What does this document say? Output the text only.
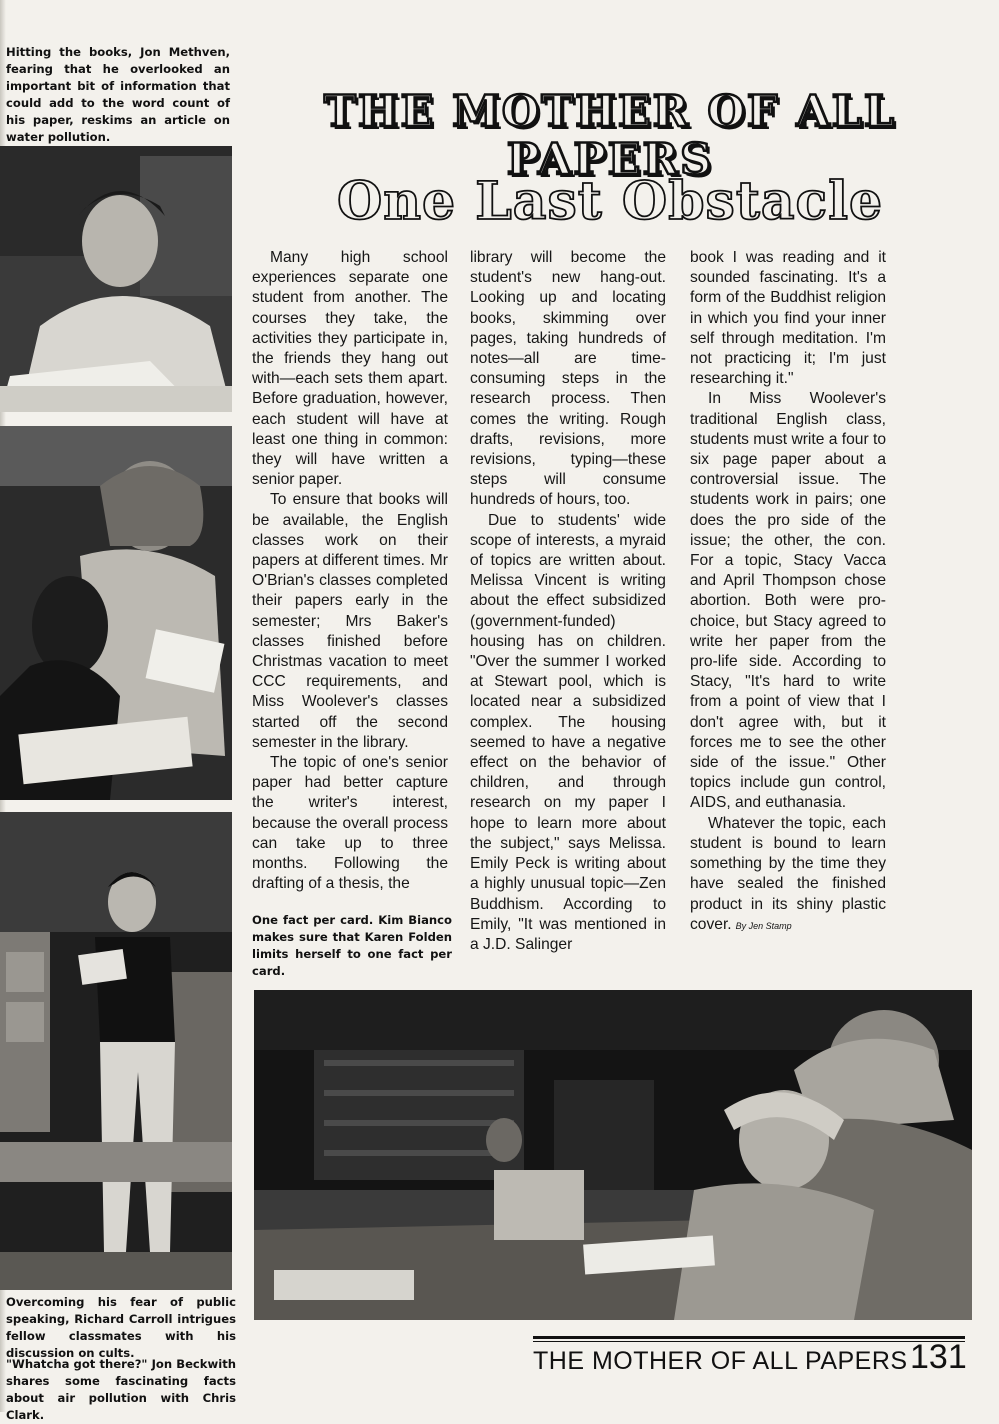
Hitting the books, Jon Methven, fearing that he overlooked an important bit of information that could add to the word count of his paper, reskims an article on water pollution.

Overcoming his fear of public speaking, Richard Carroll intrigues fellow classmates with his discussion on cults.

"Whatcha got there?" Jon Beckwith shares some fascinating facts about air pollution with Chris Clark.

THE MOTHER OF ALL PAPERS
One Last Obstacle

Many high school experiences separate one student from another. The courses they take, the activities they participate in, the friends they hang out with—each sets them apart. Before graduation, however, each student will have at least one thing in common: they will have written a senior paper.

To ensure that books will be available, the English classes work on their papers at different times. Mr O'Brian's classes completed their papers early in the semester; Mrs Baker's classes finished before Christmas vacation to meet CCC requirements, and Miss Woolever's classes started off the second semester in the library.

The topic of one's senior paper had better capture the writer's interest, because the overall process can take up to three months. Following the drafting of a thesis, the

One fact per card. Kim Bianco makes sure that Karen Folden limits herself to one fact per card.

library will become the student's new hang-out. Looking up and locating books, skimming over pages, taking hundreds of notes—all are time-consuming steps in the research process. Then comes the writing. Rough drafts, revisions, more revisions, typing—these steps will consume hundreds of hours, too.

Due to students' wide scope of interests, a myraid of topics are written about. Melissa Vincent is writing about the effect subsidized (government-funded) housing has on children. "Over the summer I worked at Stewart pool, which is located near a subsidized complex. The housing seemed to have a negative effect on the behavior of children, and through research on my paper I hope to learn more about the subject," says Melissa. Emily Peck is writing about a highly unusual topic—Zen Buddhism. According to Emily, "It was mentioned in a J.D. Salinger

book I was reading and it sounded fascinating. It's a form of the Buddhist religion in which you find your inner self through meditation. I'm not practicing it; I'm just researching it."

In Miss Woolever's traditional English class, students must write a four to six page paper about a controversial issue. The students work in pairs; one does the pro side of the issue; the other, the con. For a topic, Stacy Vacca and April Thompson chose abortion. Both were pro-choice, but Stacy agreed to write her paper from the pro-life side. According to Stacy, "It's hard to write from a point of view that I don't agree with, but it forces me to see the other side of the issue." Other topics include gun control, AIDS, and euthanasia.

Whatever the topic, each student is bound to learn something by the time they have sealed the finished product in its shiny plastic cover. By Jen Stamp

THE MOTHER OF ALL PAPERS 131
